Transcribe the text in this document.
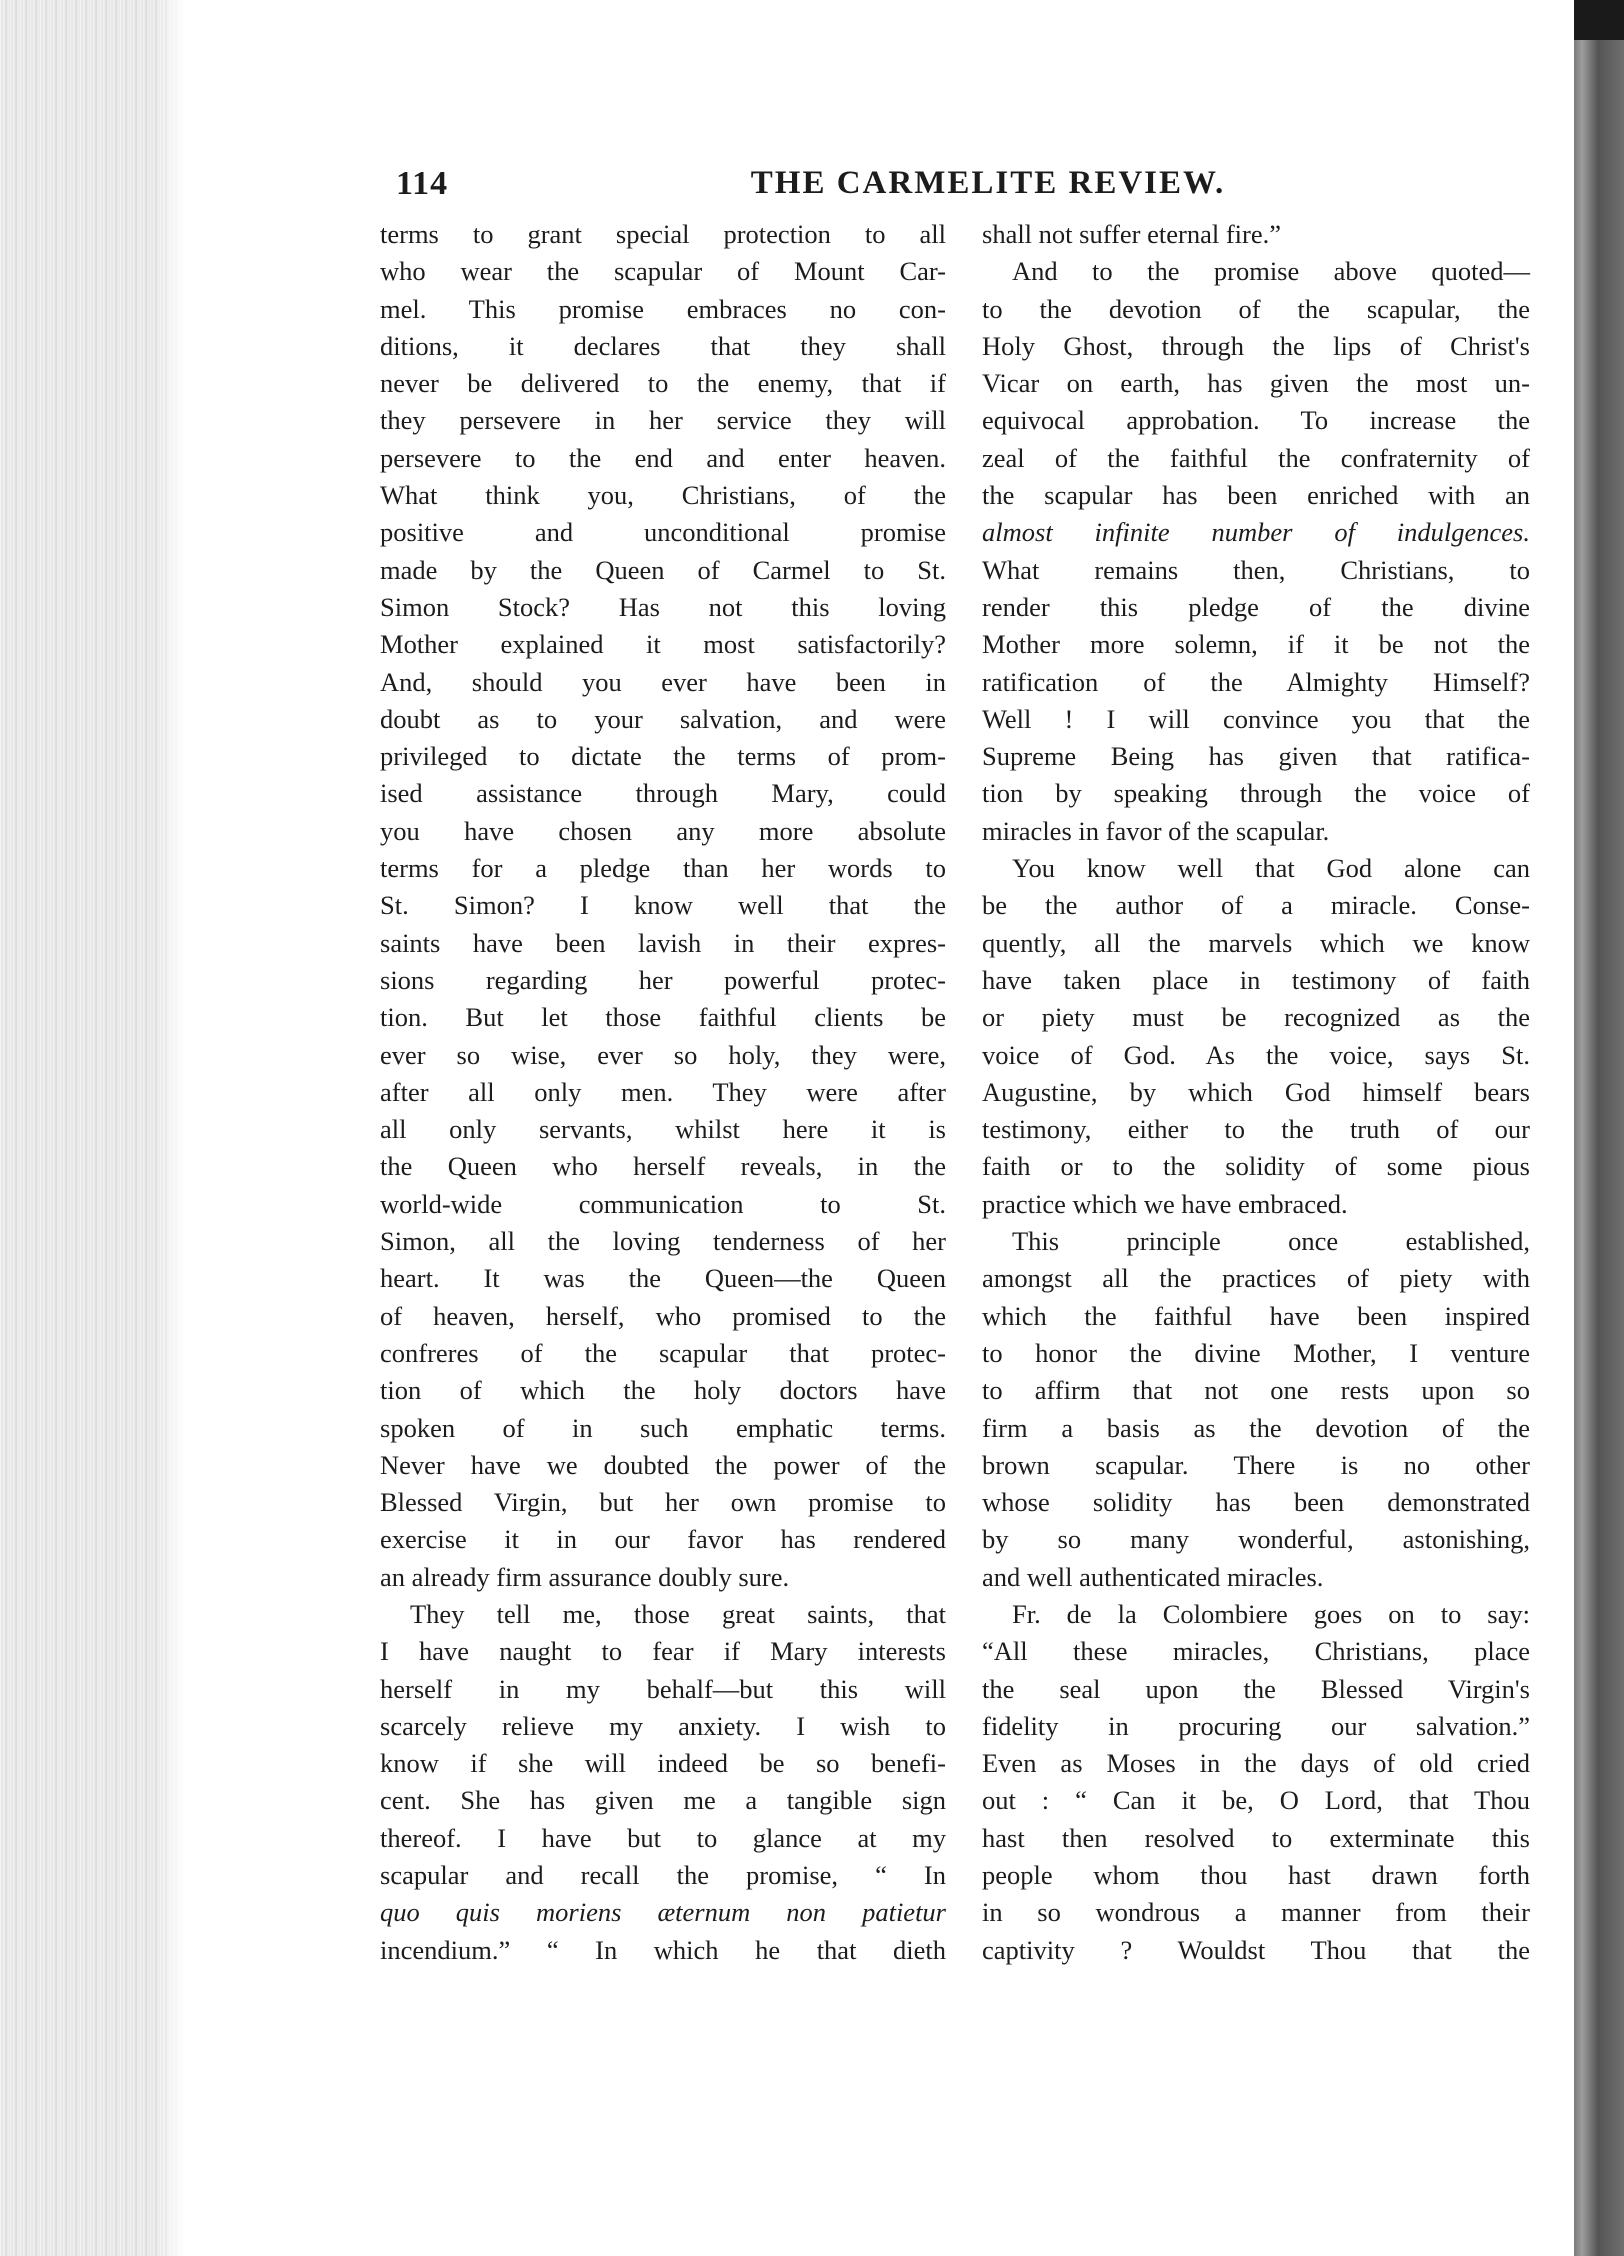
114	THE CARMELITE REVIEW.
terms to grant special protection to all
who wear the scapular of Mount Car-
mel. This promise embraces no con-
ditions, it declares that they shall
never be delivered to the enemy, that if
they persevere in her service they will
persevere to the end and enter heaven.
What think you, Christians, of the
positive and unconditional promise
made by the Queen of Carmel to St.
Simon Stock? Has not this loving
Mother explained it most satisfactorily?
And, should you ever have been in
doubt as to your salvation, and were
privileged to dictate the terms of prom-
ised assistance through Mary, could
you have chosen any more absolute
terms for a pledge than her words to
St. Simon? I know well that the
saints have been lavish in their expres-
sions regarding her powerful protec-
tion. But let those faithful clients be
ever so wise, ever so holy, they were,
after all only men. They were after
all only servants, whilst here it is
the Queen who herself reveals, in the
world-wide communication to St.
Simon, all the loving tenderness of her
heart. It was the Queen—the Queen
of heaven, herself, who promised to the
confreres of the scapular that protec-
tion of which the holy doctors have
spoken of in such emphatic terms.
Never have we doubted the power of the
Blessed Virgin, but her own promise to
exercise it in our favor has rendered
an already firm assurance doubly sure.
They tell me, those great saints, that
I have naught to fear if Mary interests
herself in my behalf—but this will
scarcely relieve my anxiety. I wish to
know if she will indeed be so benefi-
cent. She has given me a tangible sign
thereof. I have but to glance at my
scapular and recall the promise, “ In
quo quis moriens æternum non patietur
incendium.” “ In which he that dieth
shall not suffer eternal fire.”
And to the promise above quoted—
to the devotion of the scapular, the
Holy Ghost, through the lips of Christ's
Vicar on earth, has given the most un-
equivocal approbation. To increase the
zeal of the faithful the confraternity of
the scapular has been enriched with an
almost infinite number of indulgences.
What remains then, Christians, to
render this pledge of the divine
Mother more solemn, if it be not the
ratification of the Almighty Himself?
Well ! I will convince you that the
Supreme Being has given that ratifica-
tion by speaking through the voice of
miracles in favor of the scapular.
You know well that God alone can
be the author of a miracle. Conse-
quently, all the marvels which we know
have taken place in testimony of faith
or piety must be recognized as the
voice of God. As the voice, says St.
Augustine, by which God himself bears
testimony, either to the truth of our
faith or to the solidity of some pious
practice which we have embraced.
This principle once established,
amongst all the practices of piety with
which the faithful have been inspired
to honor the divine Mother, I venture
to affirm that not one rests upon so
firm a basis as the devotion of the
brown scapular. There is no other
whose solidity has been demonstrated
by so many wonderful, astonishing,
and well authenticated miracles.
Fr. de la Colombiere goes on to say:
“All these miracles, Christians, place
the seal upon the Blessed Virgin's
fidelity in procuring our salvation.”
Even as Moses in the days of old cried
out : “ Can it be, O Lord, that Thou
hast then resolved to exterminate this
people whom thou hast drawn forth
in so wondrous a manner from their
captivity ? Wouldst Thou that the
